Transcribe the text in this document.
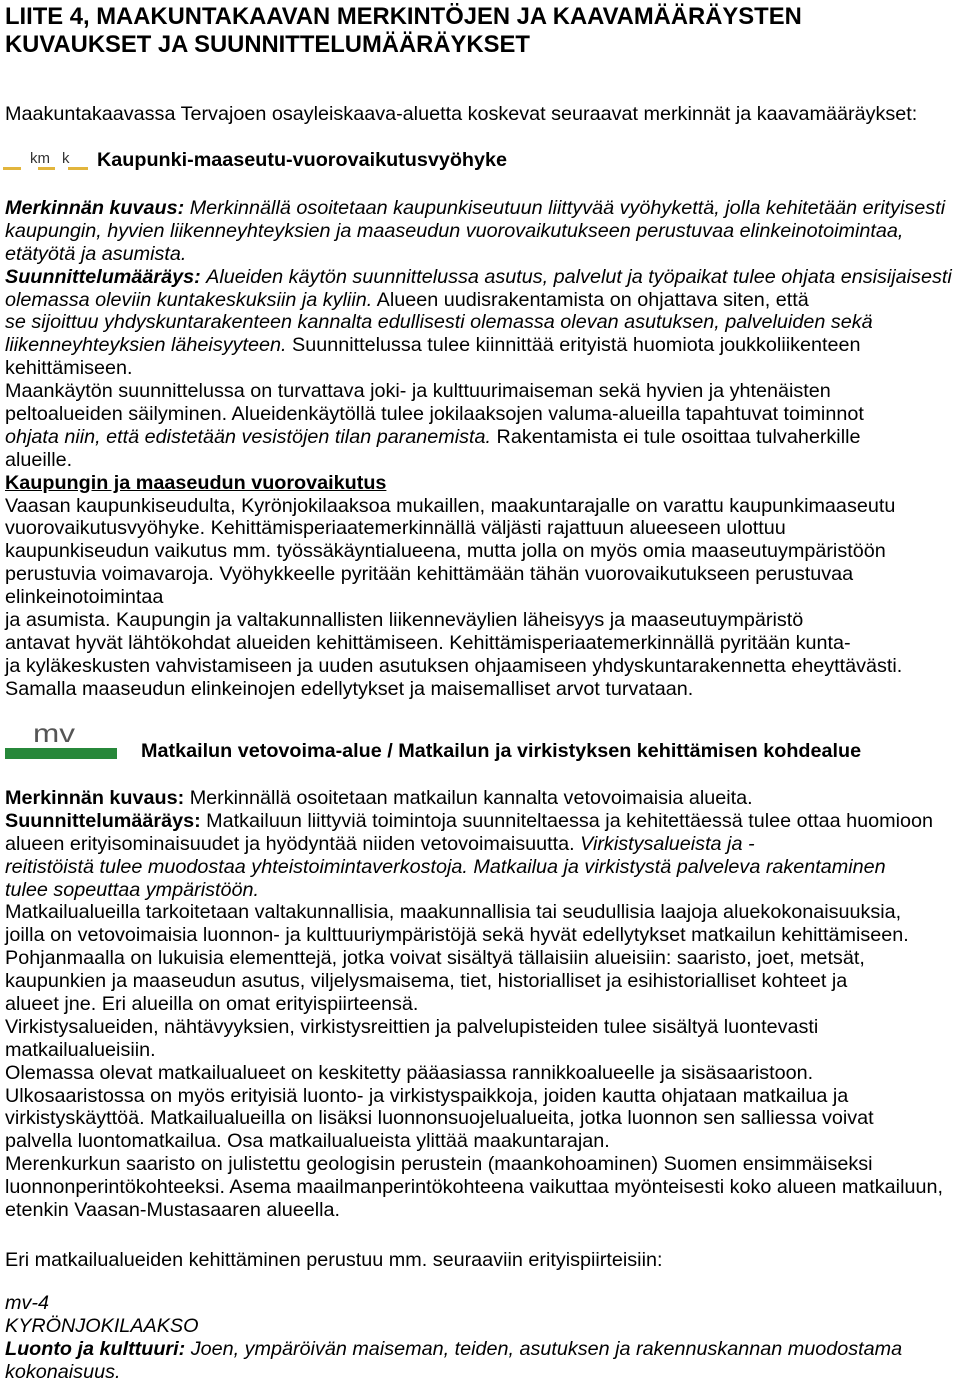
LIITE 4, MAAKUNTAKAAVAN MERKINTÖJEN JA KAAVAMÄÄRÄYSTEN
KUVAUKSET JA SUUNNITTELUMÄÄRÄYKSET
Maakuntakaavassa Tervajoen osayleiskaava-aluetta koskevat seuraavat merkinnät ja kaavamääräykset:
km k Kaupunki-maaseutu-vuorovaikutusvyöhyke
Merkinnän kuvaus: Merkinnällä osoitetaan kaupunkiseutuun liittyvää vyöhykettä, jolla kehitetään erityisesti
kaupungin, hyvien liikenneyhteyksien ja maaseudun vuorovaikutukseen perustuvaa elinkeinotoimintaa,
etätyötä ja asumista.
Suunnittelumääräys: Alueiden käytön suunnittelussa asutus, palvelut ja työpaikat tulee ohjata ensisijaisesti
olemassa oleviin kuntakeskuksiin ja kyliin. Alueen uudisrakentamista on ohjattava siten, että
se sijoittuu yhdyskuntarakenteen kannalta edullisesti olemassa olevan asutuksen, palveluiden sekä
liikenneyhteyksien läheisyyteen. Suunnittelussa tulee kiinnittää erityistä huomiota joukkoliikenteen
kehittämiseen.
Maankäytön suunnittelussa on turvattava joki- ja kulttuurimaiseman sekä hyvien ja yhtenäisten
peltoalueiden säilyminen. Alueidenkäytöllä tulee jokilaaksojen valuma-alueilla tapahtuvat toiminnot
ohjata niin, että edistetään vesistöjen tilan paranemista. Rakentamista ei tule osoittaa tulvaherkille
alueille.
Kaupungin ja maaseudun vuorovaikutus
Vaasan kaupunkiseudulta, Kyrönjokilaaksoa mukaillen, maakuntarajalle on varattu kaupunkimaaseutu
vuorovaikutusvyöhyke. Kehittämisperiaatemerkinnällä väljästi rajattuun alueeseen ulottuu
kaupunkiseudun vaikutus mm. työssäkäyntialueena, mutta jolla on myös omia maaseutuympäristöön
perustuvia voimavaroja. Vyöhykkeelle pyritään kehittämään tähän vuorovaikutukseen perustuvaa
elinkeinotoimintaa
ja asumista. Kaupungin ja valtakunnallisten liikenneväylien läheisyys ja maaseutuympäristö
antavat hyvät lähtökohdat alueiden kehittämiseen. Kehittämisperiaatemerkinnällä pyritään kunta-
ja kyläkeskusten vahvistamiseen ja uuden asutuksen ohjaamiseen yhdyskuntarakennetta eheyttävästi.
Samalla maaseudun elinkeinojen edellytykset ja maisemalliset arvot turvataan.
mv
Matkailun vetovoima-alue / Matkailun ja virkistyksen kehittämisen kohdealue
Merkinnän kuvaus: Merkinnällä osoitetaan matkailun kannalta vetovoimaisia alueita.
Suunnittelumääräys: Matkailuun liittyviä toimintoja suunniteltaessa ja kehitettäessä tulee ottaa huomioon
alueen erityisominaisuudet ja hyödyntää niiden vetovoimaisuutta. Virkistysalueista ja -
reitistöistä tulee muodostaa yhteistoimintaverkostoja. Matkailua ja virkistystä palveleva rakentaminen
tulee sopeuttaa ympäristöön.
Matkailualueilla tarkoitetaan valtakunnallisia, maakunnallisia tai seudullisia laajoja aluekokonaisuuksia,
joilla on vetovoimaisia luonnon- ja kulttuuriympäristöjä sekä hyvät edellytykset matkailun kehittämiseen.
Pohjanmaalla on lukuisia elementtejä, jotka voivat sisältyä tällaisiin alueisiin: saaristo, joet, metsät,
kaupunkien ja maaseudun asutus, viljelysmaisema, tiet, historialliset ja esihistorialliset kohteet ja
alueet jne. Eri alueilla on omat erityispiirteensä.
Virkistysalueiden, nähtävyyksien, virkistysreittien ja palvelupisteiden tulee sisältyä luontevasti
matkailualueisiin.
Olemassa olevat matkailualueet on keskitetty pääasiassa rannikkoalueelle ja sisäsaaristoon.
Ulkosaaristossa on myös erityisiä luonto- ja virkistyspaikkoja, joiden kautta ohjataan matkailua ja
virkistyskäyttöä. Matkailualueilla on lisäksi luonnonsuojelualueita, jotka luonnon sen salliessa voivat
palvella luontomatkailua. Osa matkailualueista ylittää maakuntarajan.
Merenkurkun saaristo on julistettu geologisin perustein (maankohoaminen) Suomen ensimmäiseksi
luonnonperintökohteeksi. Asema maailmanperintökohteena vaikuttaa myönteisesti koko alueen matkailuun,
etenkin Vaasan-Mustasaaren alueella.
Eri matkailualueiden kehittäminen perustuu mm. seuraaviin erityispiirteisiin:
mv-4
KYRÖNJOKILAAKSO
Luonto ja kulttuuri: Joen, ympäröivän maiseman, teiden, asutuksen ja rakennuskannan muodostama
kokonaisuus.
